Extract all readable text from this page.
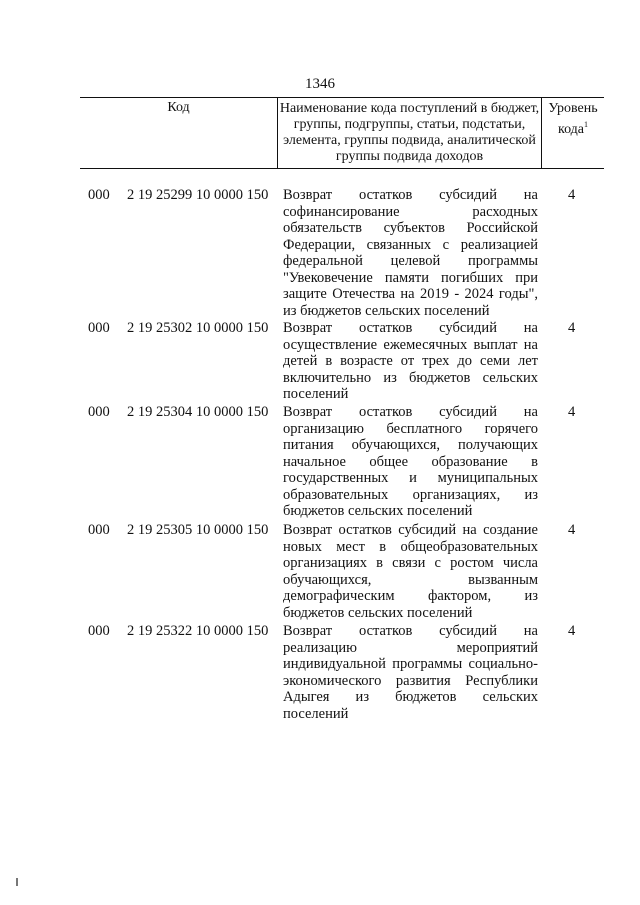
1346
Код	Наименование кода поступлений в бюджет, группы, подгруппы, статьи, подстатьи, элемента, группы подвида, аналитической группы подвида доходов
Уровень кода$^1$
000 2 19 25299 10 0000 150 Возврат остатков субсидий на софинансирование расходных обязательств субъектов Российской Федерации, связанных с реализацией федеральной целевой программы "Увековечение памяти погибших при защите Отечества на 2019 - 2024 годы", из бюджетов сельских поселений
4
000 2 19 25302 10 0000 150 Возврат остатков субсидий на осуществление ежемесячных выплат на детей в возрасте от трех до семи лет включительно из бюджетов сельских поселений
4
000 2 19 25304 10 0000 150 Возврат остатков субсидий на организацию бесплатного горячего питания обучающихся, получающих начальное общее образование в государственных и муниципальных образовательных организациях, из бюджетов сельских поселений
4
000 2 19 25305 10 0000 150 Возврат остатков субсидий на создание новых мест в общеобразовательных организациях в связи с ростом числа обучающихся, вызванным демографическим фактором, из бюджетов сельских поселений
4
000 2 19 25322 10 0000 150 Возврат остатков субсидий на реализацию мероприятий индивидуальной программы социально-экономического развития Республики Адыгея из бюджетов сельских поселений
4
